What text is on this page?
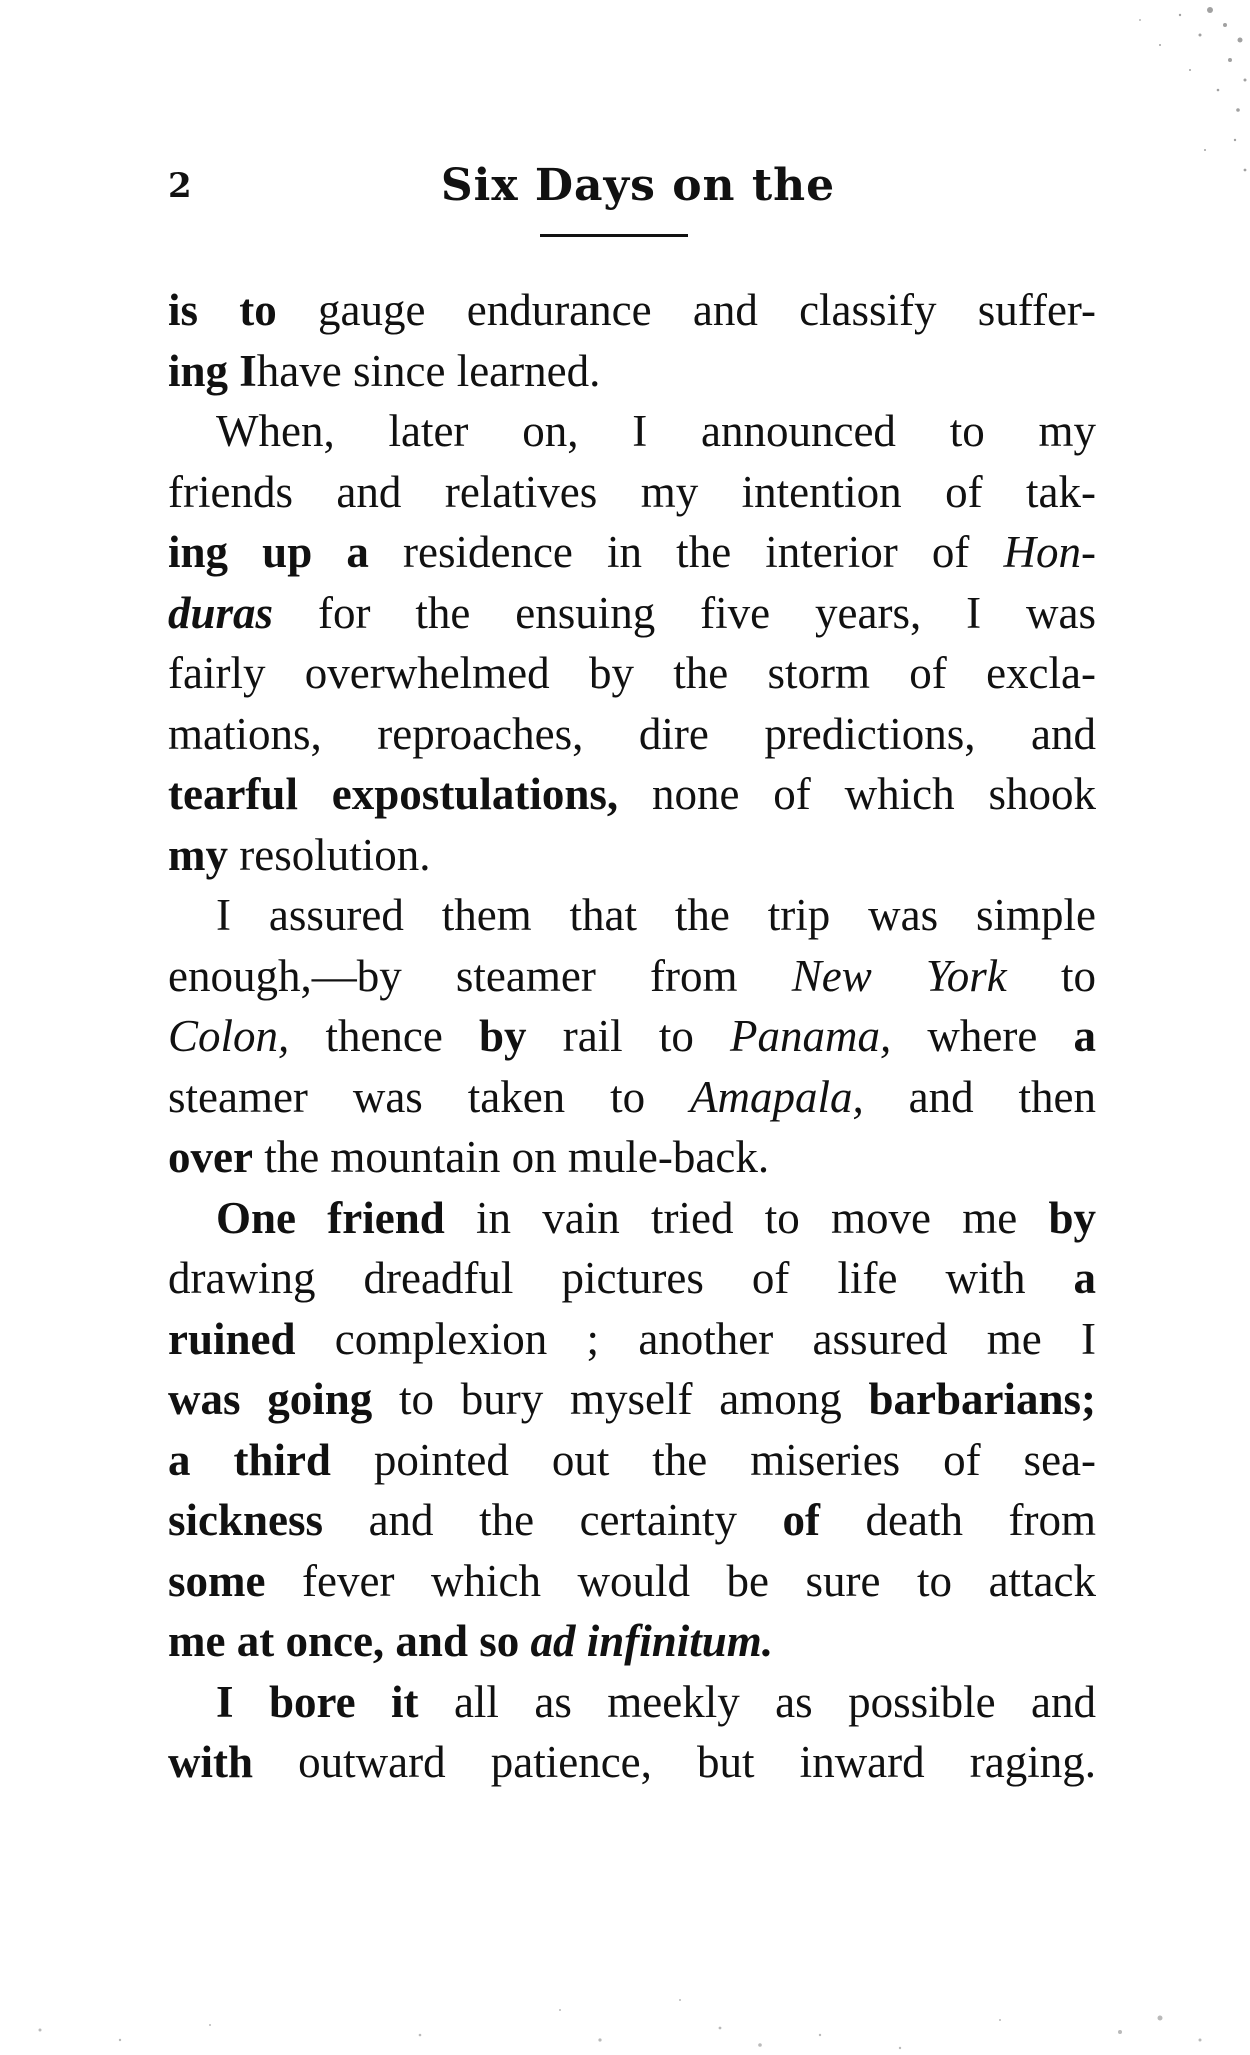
2	Six Days on the
is to gauge endurance and classify suffer-
ing Ihave since learned.
When, later on, I announced to my
friends and relatives my intention of tak-
ing up a residence in the interior of Hon-
duras for the ensuing five years, I was
fairly overwhelmed by the storm of excla-
mations, reproaches, dire predictions, and
tearful expostulations, none of which shook
my resolution.
I assured them that the trip was simple
enough,—by steamer from New York to
Colon, thence by rail to Panama, where a
steamer was taken to Amapala, and then
over the mountain on mule-back.
One friend in vain tried to move me by
drawing dreadful pictures of life with a
ruined complexion ; another assured me I
was going to bury myself among barbarians;
a third pointed out the miseries of sea-
sickness and the certainty of death from
some fever which would be sure to attack
me at once, and so ad infinitum.
I bore it all as meekly as possible and
with outward patience, but inward raging.
